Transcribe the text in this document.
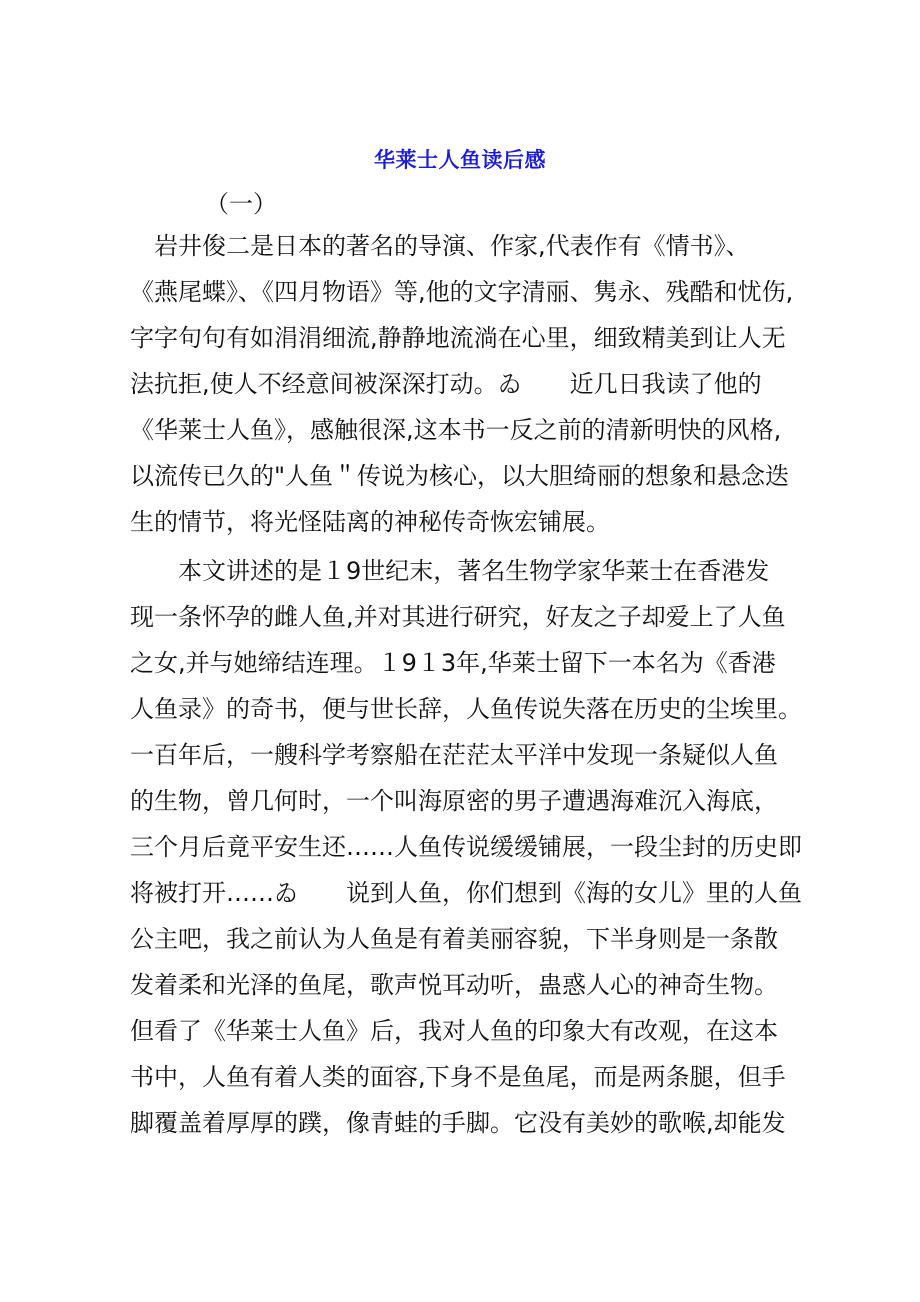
华莱士人鱼读后感
（一）
　岩井俊二是日本的著名的导演、作家,代表作有《情书》、
《燕尾蝶》、《四月物语》等,他的文字清丽、隽永、残酷和忧伤,
字字句句有如涓涓细流,静静地流淌在心里，细致精美到让人无
法抗拒,使人不经意间被深深打动。ゐ　　近几日我读了他的
《华莱士人鱼》，感触很深,这本书一反之前的清新明快的风格,
以流传已久的"人鱼＂传说为核心，以大胆绮丽的想象和悬念迭
生的情节，将光怪陆离的神秘传奇恢宏铺展。
　　本文讲述的是１9世纪末，著名生物学家华莱士在香港发
现一条怀孕的雌人鱼,并对其进行研究，好友之子却爱上了人鱼
之女,并与她缔结连理。１9１3年,华莱士留下一本名为《香港
人鱼录》的奇书，便与世长辞，人鱼传说失落在历史的尘埃里。
一百年后，一艘科学考察船在茫茫太平洋中发现一条疑似人鱼
的生物，曾几何时，一个叫海原密的男子遭遇海难沉入海底，
三个月后竟平安生还……人鱼传说缓缓铺展，一段尘封的历史即
将被打开……ゐ　　说到人鱼，你们想到《海的女儿》里的人鱼
公主吧，我之前认为人鱼是有着美丽容貌，下半身则是一条散
发着柔和光泽的鱼尾，歌声悦耳动听，蛊惑人心的神奇生物。
但看了《华莱士人鱼》后，我对人鱼的印象大有改观，在这本
书中，人鱼有着人类的面容,下身不是鱼尾，而是两条腿，但手
脚覆盖着厚厚的蹼，像青蛙的手脚。它没有美妙的歌喉,却能发
